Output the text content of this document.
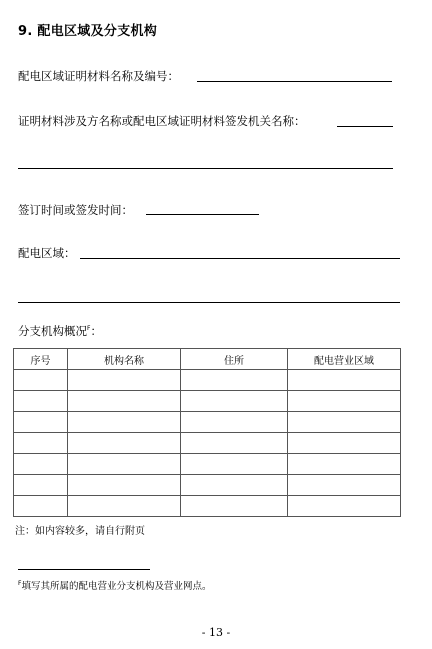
9. 配电区域及分支机构
配电区域证明材料名称及编号：
证明材料涉及方名称或配电区域证明材料签发机关名称：
签订时间或签发时间：
配电区域：
分支机构概况$^F$：
序号	机构名称	住所	配电营业区域

注：如内容较多，请自行附页
$^F$填写其所属的配电营业分支机构及营业网点。
- 13 -
